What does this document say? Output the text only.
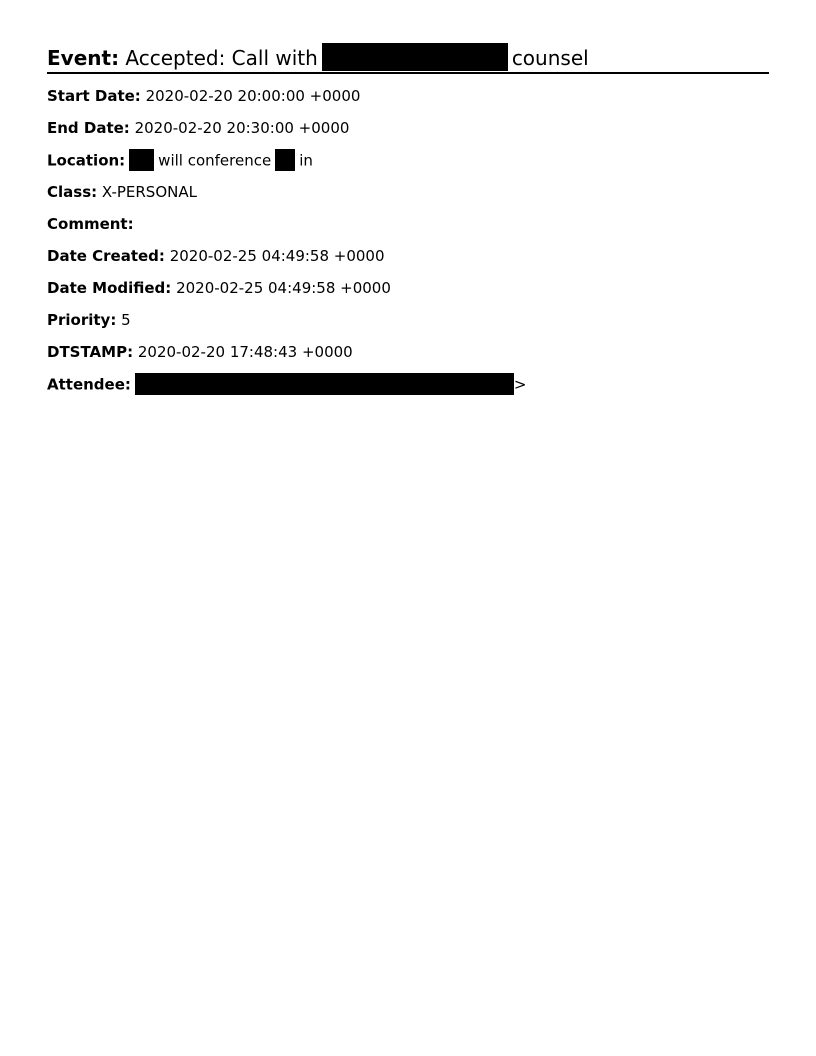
Event: Accepted: Call with	counsel
Start Date: 2020-02-20 20:00:00 +0000
End Date: 2020-02-20 20:30:00 +0000
Location: will conference in
Class: X-PERSONAL
Comment:
Date Created: 2020-02-25 04:49:58 +0000
Date Modified: 2020-02-25 04:49:58 +0000
Priority: 5
DTSTAMP: 2020-02-20 17:48:43 +0000
Attendee:	>
